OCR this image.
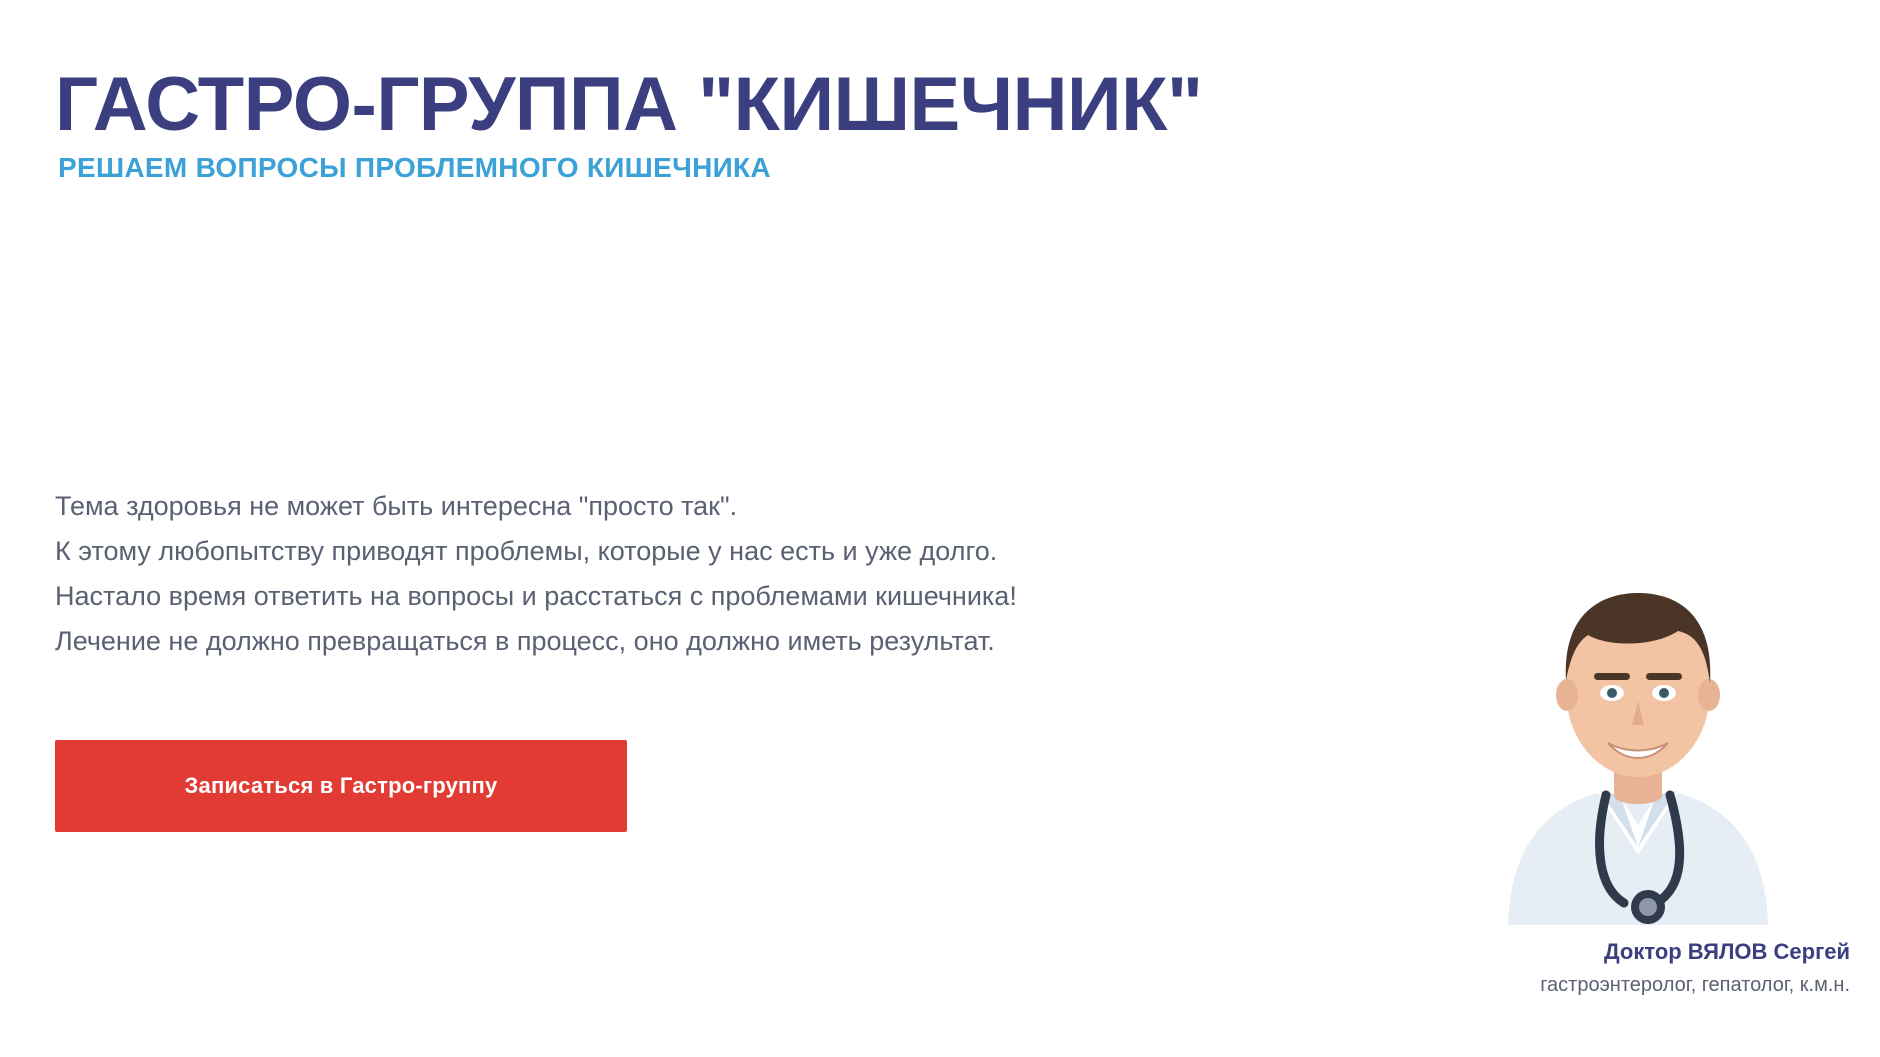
ГАСТРО-ГРУППА "КИШЕЧНИК"
РЕШАЕМ ВОПРОСЫ ПРОБЛЕМНОГО КИШЕЧНИКА
Тема здоровья не может быть интересна "просто так".
К этому любопытству приводят проблемы, которые у нас есть и уже долго.
Настало время ответить на вопросы и расстаться с проблемами кишечника!
Лечение не должно превращаться в процесс, оно должно иметь результат.
Записаться в Гастро-группу
Доктор ВЯЛОВ Сергей
гастроэнтеролог, гепатолог, к.м.н.
